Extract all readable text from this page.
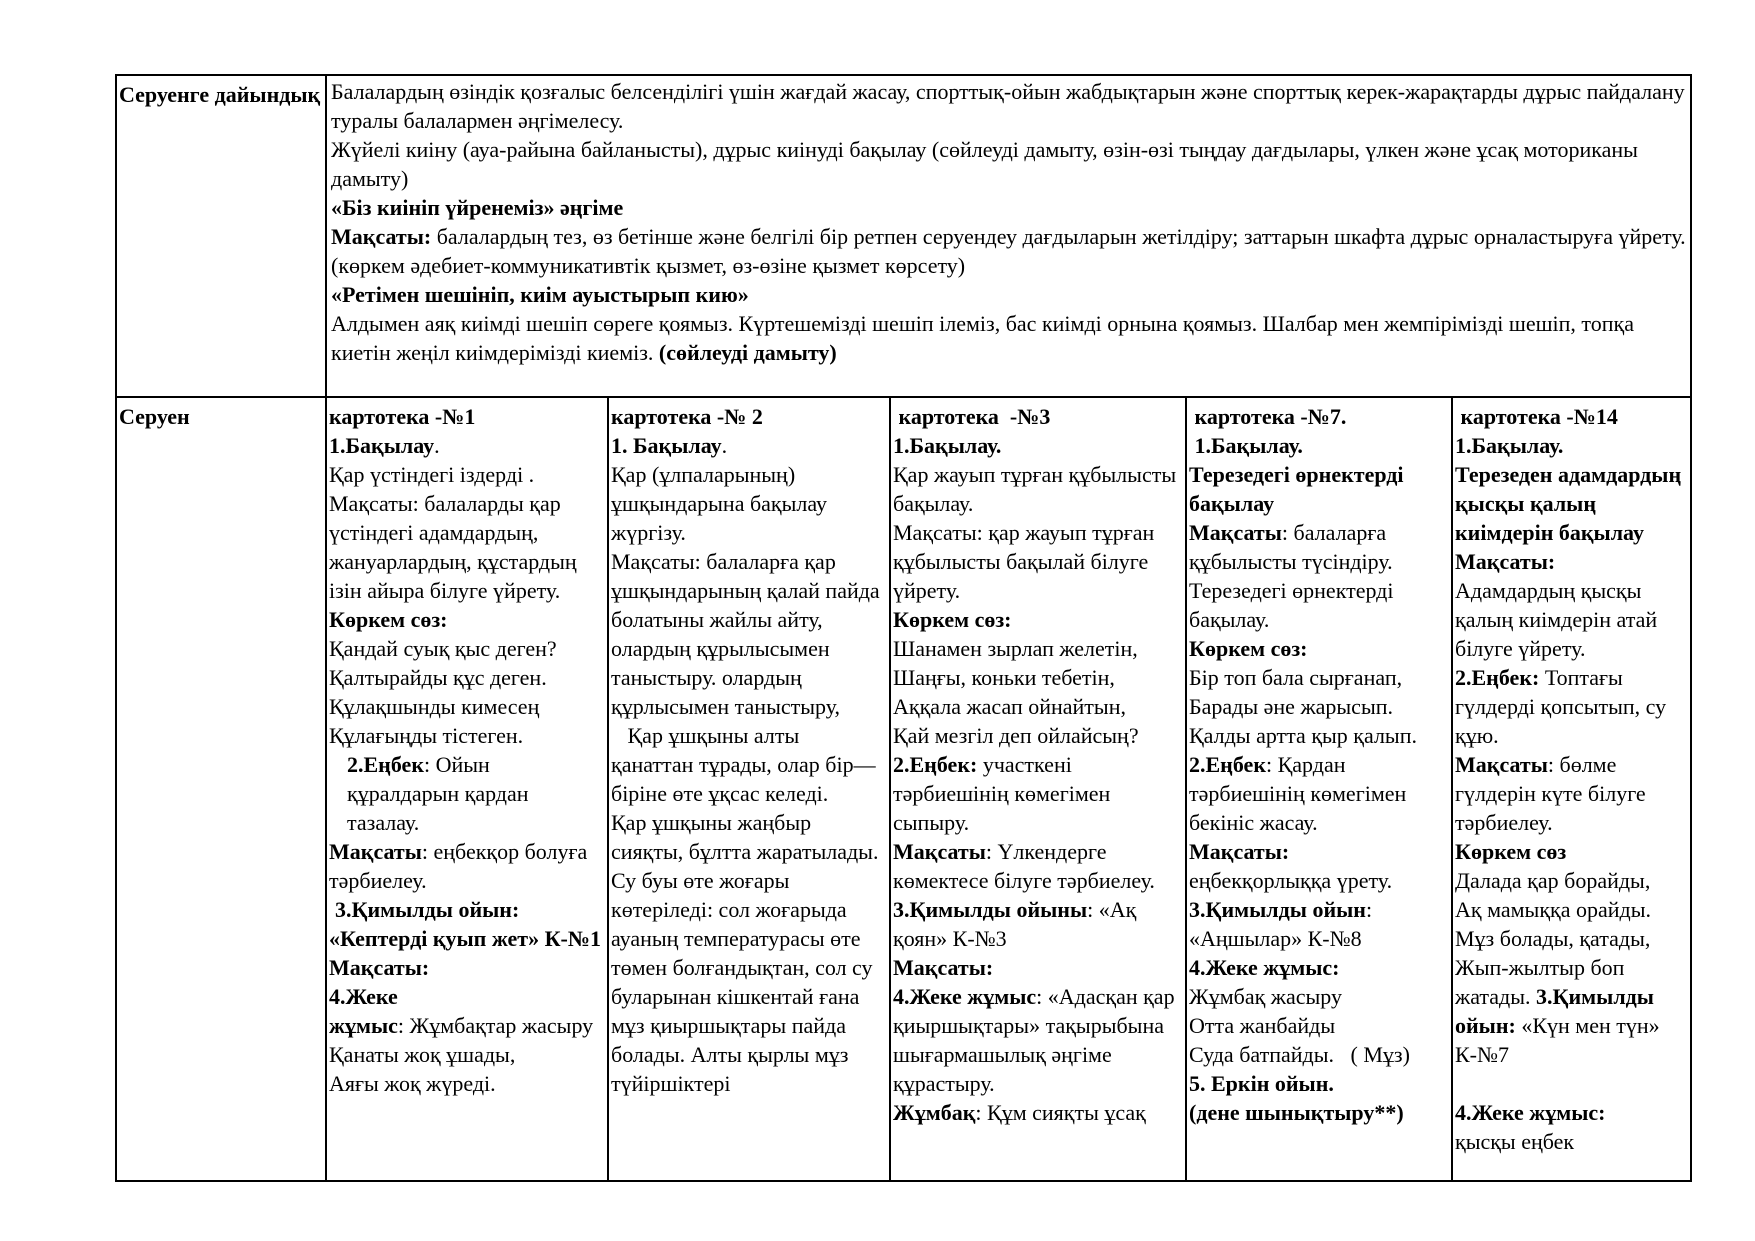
Серуенге дайындық Балалардың өзіндік қозғалыс белсенділігі үшін жағдай жасау, спорттық-ойын жабдықтарын және спорттық керек-жарақтарды дұрыс пайдалану туралы балалармен әңгімелесу.

Жүйелі киіну (ауа-райына байланысты), дұрыс киінуді бақылау (сөйлеуді дамыту, өзін-өзі тыңдау дағдылары, үлкен және ұсақ моториканы дамыту)

«Біз киініп үйренеміз» әңгіме

Мақсаты: балалардың тез, өз бетінше және белгілі бір ретпен серуендеу дағдыларын жетілдіру; заттарын шкафта дұрыс орналастыруға үйрету.

(көркем әдебиет-коммуникативтік қызмет, өз-өзіне қызмет көрсету)

«Ретімен шешініп, киім ауыстырып кию»

Алдымен аяқ киімді шешіп сөреге қоямыз. Күртешемізді шешіп ілеміз, бас киімді орнына қоямыз. Шалбар мен жемпірімізді шешіп, топқа киетін жеңіл киімдерімізді киеміз. (сөйлеуді дамыту)

Серуен	картотека -№1

1.Бақылау.

Қар үстіндегі іздерді .

Мақсаты: балаларды қар үстіндегі адамдардың, жануарлардың, құстардың ізін айыра білуге үйрету.

Көркем сөз:

Қандай суық қыс деген?

Қалтырайды құс деген.

Құлақшынды кимесең

Құлағыңды тістеген.

2.Еңбек: Ойын құралдарын қардан тазалау.

Мақсаты: еңбекқор болуға тәрбиелеу.

3.Қимылды ойын:

«Кептерді қуып жет» К-№1

Мақсаты:

4.Жеке

жұмыс: Жұмбақтар жасыру

Қанаты жоқ ұшады,

Аяғы жоқ жүреді.

картотека -№ 2

1. Бақылау.

Қар (ұлпаларының) ұшқындарына бақылау жүргізу.

Мақсаты: балаларға қар ұшқындарының қалай пайда болатыны жайлы айту, олардың құрылысымен таныстыру. олардың құрлысымен таныстыру,

Қар ұшқыны алты қанаттан тұрады, олар бір—біріне өте ұқсас келеді.

Қар ұшқыны жаңбыр сияқты, бұлтта жаратылады. Су буы өте жоғары көтеріледі: сол жоғарыда ауаның температурасы өте төмен болғандықтан, сол су буларынан кішкентай ғана мұз қиыршықтары пайда болады. Алты қырлы мұз түйіршіктері

картотека  -№3

1.Бақылау.

Қар жауып тұрған құбылысты бақылау.

Мақсаты: қар жауып тұрған құбылысты бақылай білуге үйрету.

Көркем сөз:

Шанамен зырлап желетін,

Шаңғы, коньки тебетін,

Аққала жасап ойнайтын,

Қай мезгіл деп ойлайсың?

2.Еңбек: участкені тәрбиешінің көмегімен сыпыру.

Мақсаты: Үлкендерге көмектесе білуге тәрбиелеу.

3.Қимылды ойыны: «Ақ қоян» К-№3

Мақсаты:

4.Жеке жұмыс: «Адасқан қар қиыршықтары» тақырыбына шығармашылық әңгіме құрастыру.

Жұмбақ: Құм сияқты ұсақ

картотека -№7.

1.Бақылау.

Терезедегі өрнектерді бақылау

Мақсаты: балаларға құбылысты түсіндіру. Терезедегі өрнектерді бақылау.

Көркем сөз:

Бір топ бала сырғанап,

Барады әне жарысып.

Қалды артта қыр қалып.

2.Еңбек: Қардан тәрбиешінің көмегімен бекініс жасау.

Мақсаты:

еңбекқорлыққа үрету.

3.Қимылды ойын: «Аңшылар» К-№8

4.Жеке жұмыс:

Жұмбақ жасыру

Отта жанбайды

Суда батпайды.   ( Мұз)

5. Еркін ойын.

(дене шынықтыру**)

картотека -№14

1.Бақылау.

Терезеден адамдардың қысқы қалың киімдерін бақылау

Мақсаты:

Адамдардың қысқы қалың киімдерін атай білуге үйрету.

2.Еңбек: Топтағы гүлдерді қопсытып, су құю.

Мақсаты: бөлме гүлдерін күте білуге тәрбиелеу.

Көркем сөз

Далада қар борайды,

Ақ мамыққа орайды.

Мұз болады, қатады,

Жып-жылтыр боп жатады. 3.Қимылды ойын: «Күн мен түн» К-№7

4.Жеке жұмыс:

қысқы еңбек
